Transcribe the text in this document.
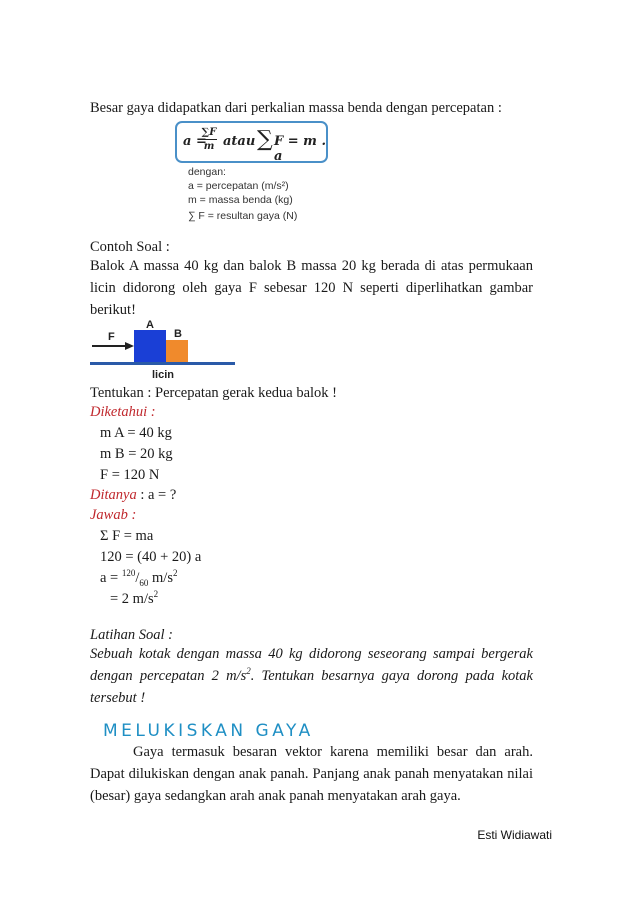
Besar gaya didapatkan dari perkalian massa benda dengan percepatan :
a =
$\frac{\sum F}{m}$ atau ∑ F = m . a
dengan:
a = percepatan (m/s²)
m = massa benda (kg)
∑ F = resultan gaya (N)
Contoh Soal :
Balok A massa 40 kg dan balok B massa 20 kg berada di atas permukaan licin didorong oleh gaya F sebesar 120 N seperti diperlihatkan gambar berikut!
F
A
B
licin
Tentukan : Percepatan gerak kedua balok !
Diketahui :
m A = 40 kg
m B = 20 kg
F = 120 N
Ditanya : a = ?
Jawab :
Σ F = ma
120 = (40 + 20) a
$a = ^{120}/_{60}$ $m/s^2$
= 2 $m/s^2$
Latihan Soal :
Sebuah kotak dengan massa 40 kg didorong seseorang sampai bergerak dengan percepatan 2 $m/s^2$. Tentukan besarnya gaya dorong pada kotak tersebut !
MELUKISKAN GAYA
Gaya termasuk besaran vektor karena memiliki besar dan arah. Dapat dilukiskan dengan anak panah. Panjang anak panah menyatakan nilai (besar) gaya sedangkan arah anak panah menyatakan arah gaya.
Esti Widiawati
